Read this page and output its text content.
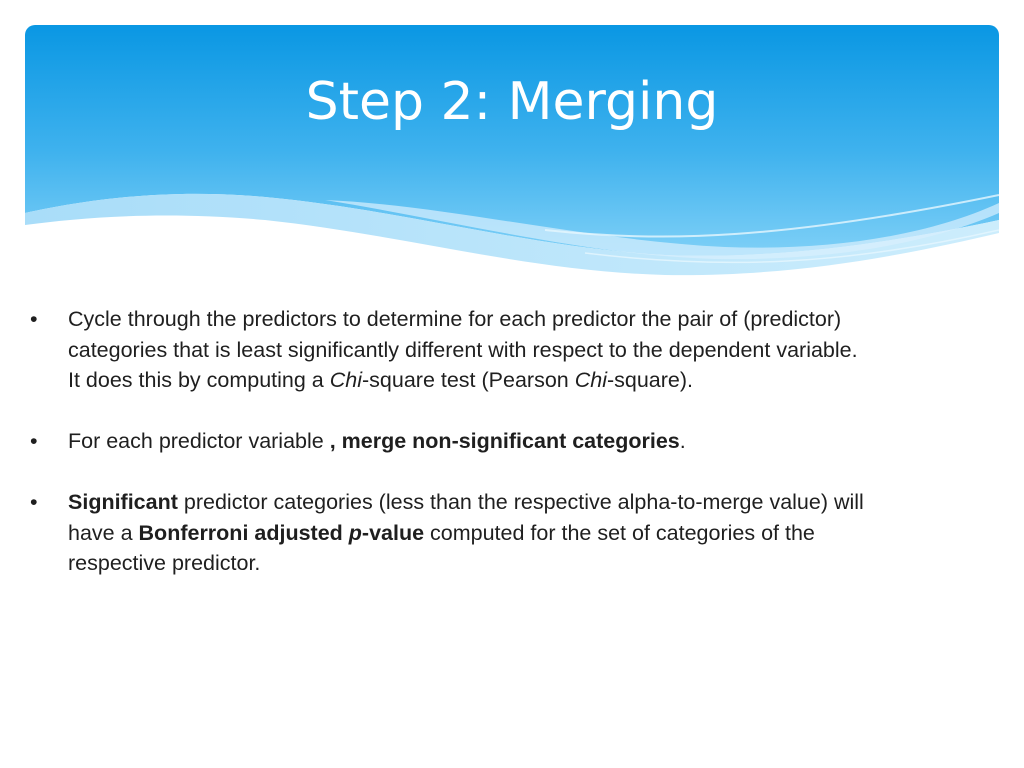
Step 2: Merging
•	Cycle through the predictors to determine for each predictor the pair of (predictor)
categories that is least significantly different with respect to the dependent variable.
It does this by computing a Chi-square test (Pearson Chi-square).
•	For each predictor variable , merge non-significant categories.
•	Significant predictor categories (less than the respective alpha-to-merge value) will
have a Bonferroni adjusted p-value computed for the set of categories of the
respective predictor.
